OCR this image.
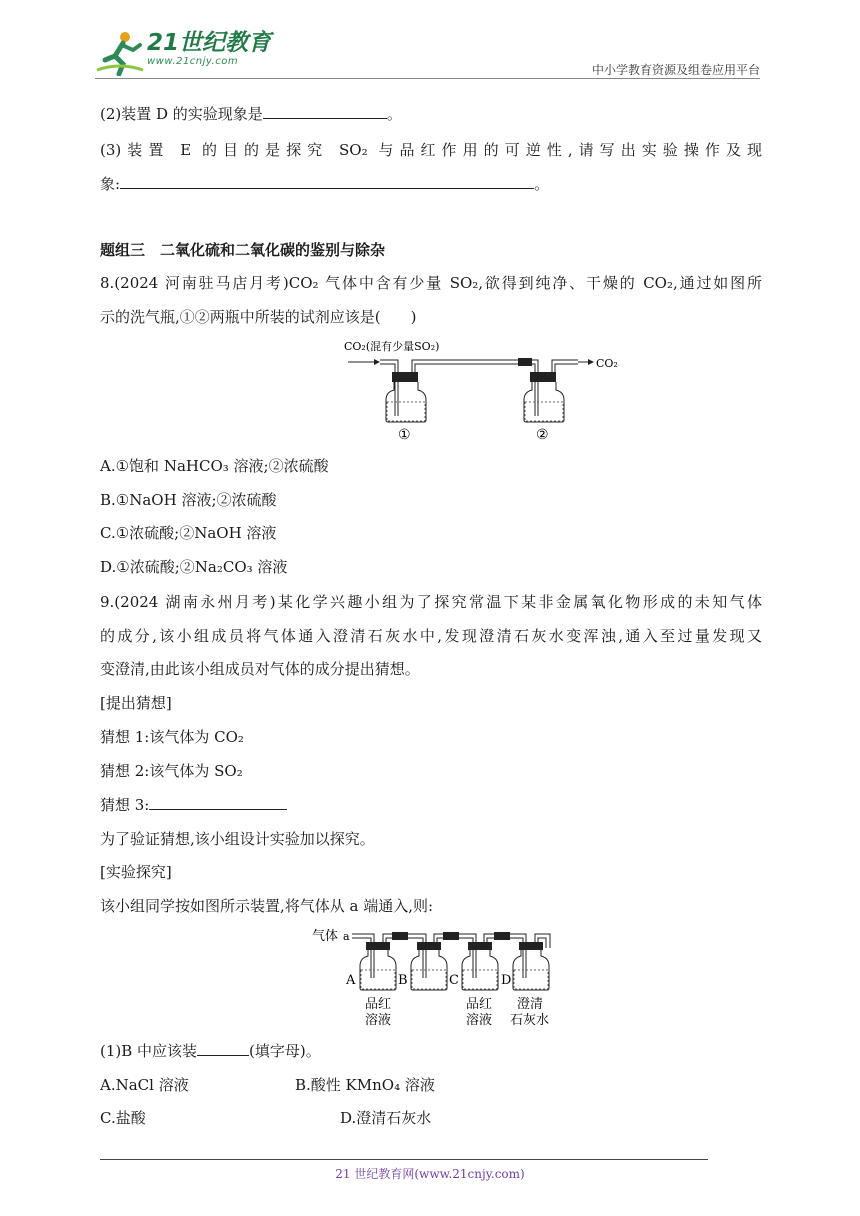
21世纪教育
www.21cnjy.com
中小学教育资源及组卷应用平台
(2)装置 D 的实验现象是	。
(3)装置 E 的目的是探究 SO₂ 与品红作用的可逆性,请写出实验操作及现
象:	。
题组三　二氧化硫和二氧化碳的鉴别与除杂
8.(2024 河南驻马店月考)CO₂ 气体中含有少量 SO₂,欲得到纯净、干燥的 CO₂,通过如图所
示的洗气瓶,①②两瓶中所装的试剂应该是(　　)
CO₂(混有少量SO₂)
CO₂
①	②
A.①饱和 NaHCO₃ 溶液;②浓硫酸
B.①NaOH 溶液;②浓硫酸
C.①浓硫酸;②NaOH 溶液
D.①浓硫酸;②Na₂CO₃ 溶液
9.(2024 湖南永州月考)某化学兴趣小组为了探究常温下某非金属氧化物形成的未知气体
的成分,该小组成员将气体通入澄清石灰水中,发现澄清石灰水变浑浊,通入至过量发现又
变澄清,由此该小组成员对气体的成分提出猜想。
[提出猜想]
猜想 1:该气体为 CO₂
猜想 2:该气体为 SO₂
猜想 3:
为了验证猜想,该小组设计实验加以探究。
[实验探究]
该小组同学按如图所示装置,将气体从 a 端通入,则:
气体 a
A	B	C	D
品红
溶液
品红
溶液
澄清
石灰水
(1)B 中应该装	(填字母)。
A.NaCl 溶液	B.酸性 KMnO₄ 溶液
C.盐酸	D.澄清石灰水
21 世纪教育网(www.21cnjy.com)
